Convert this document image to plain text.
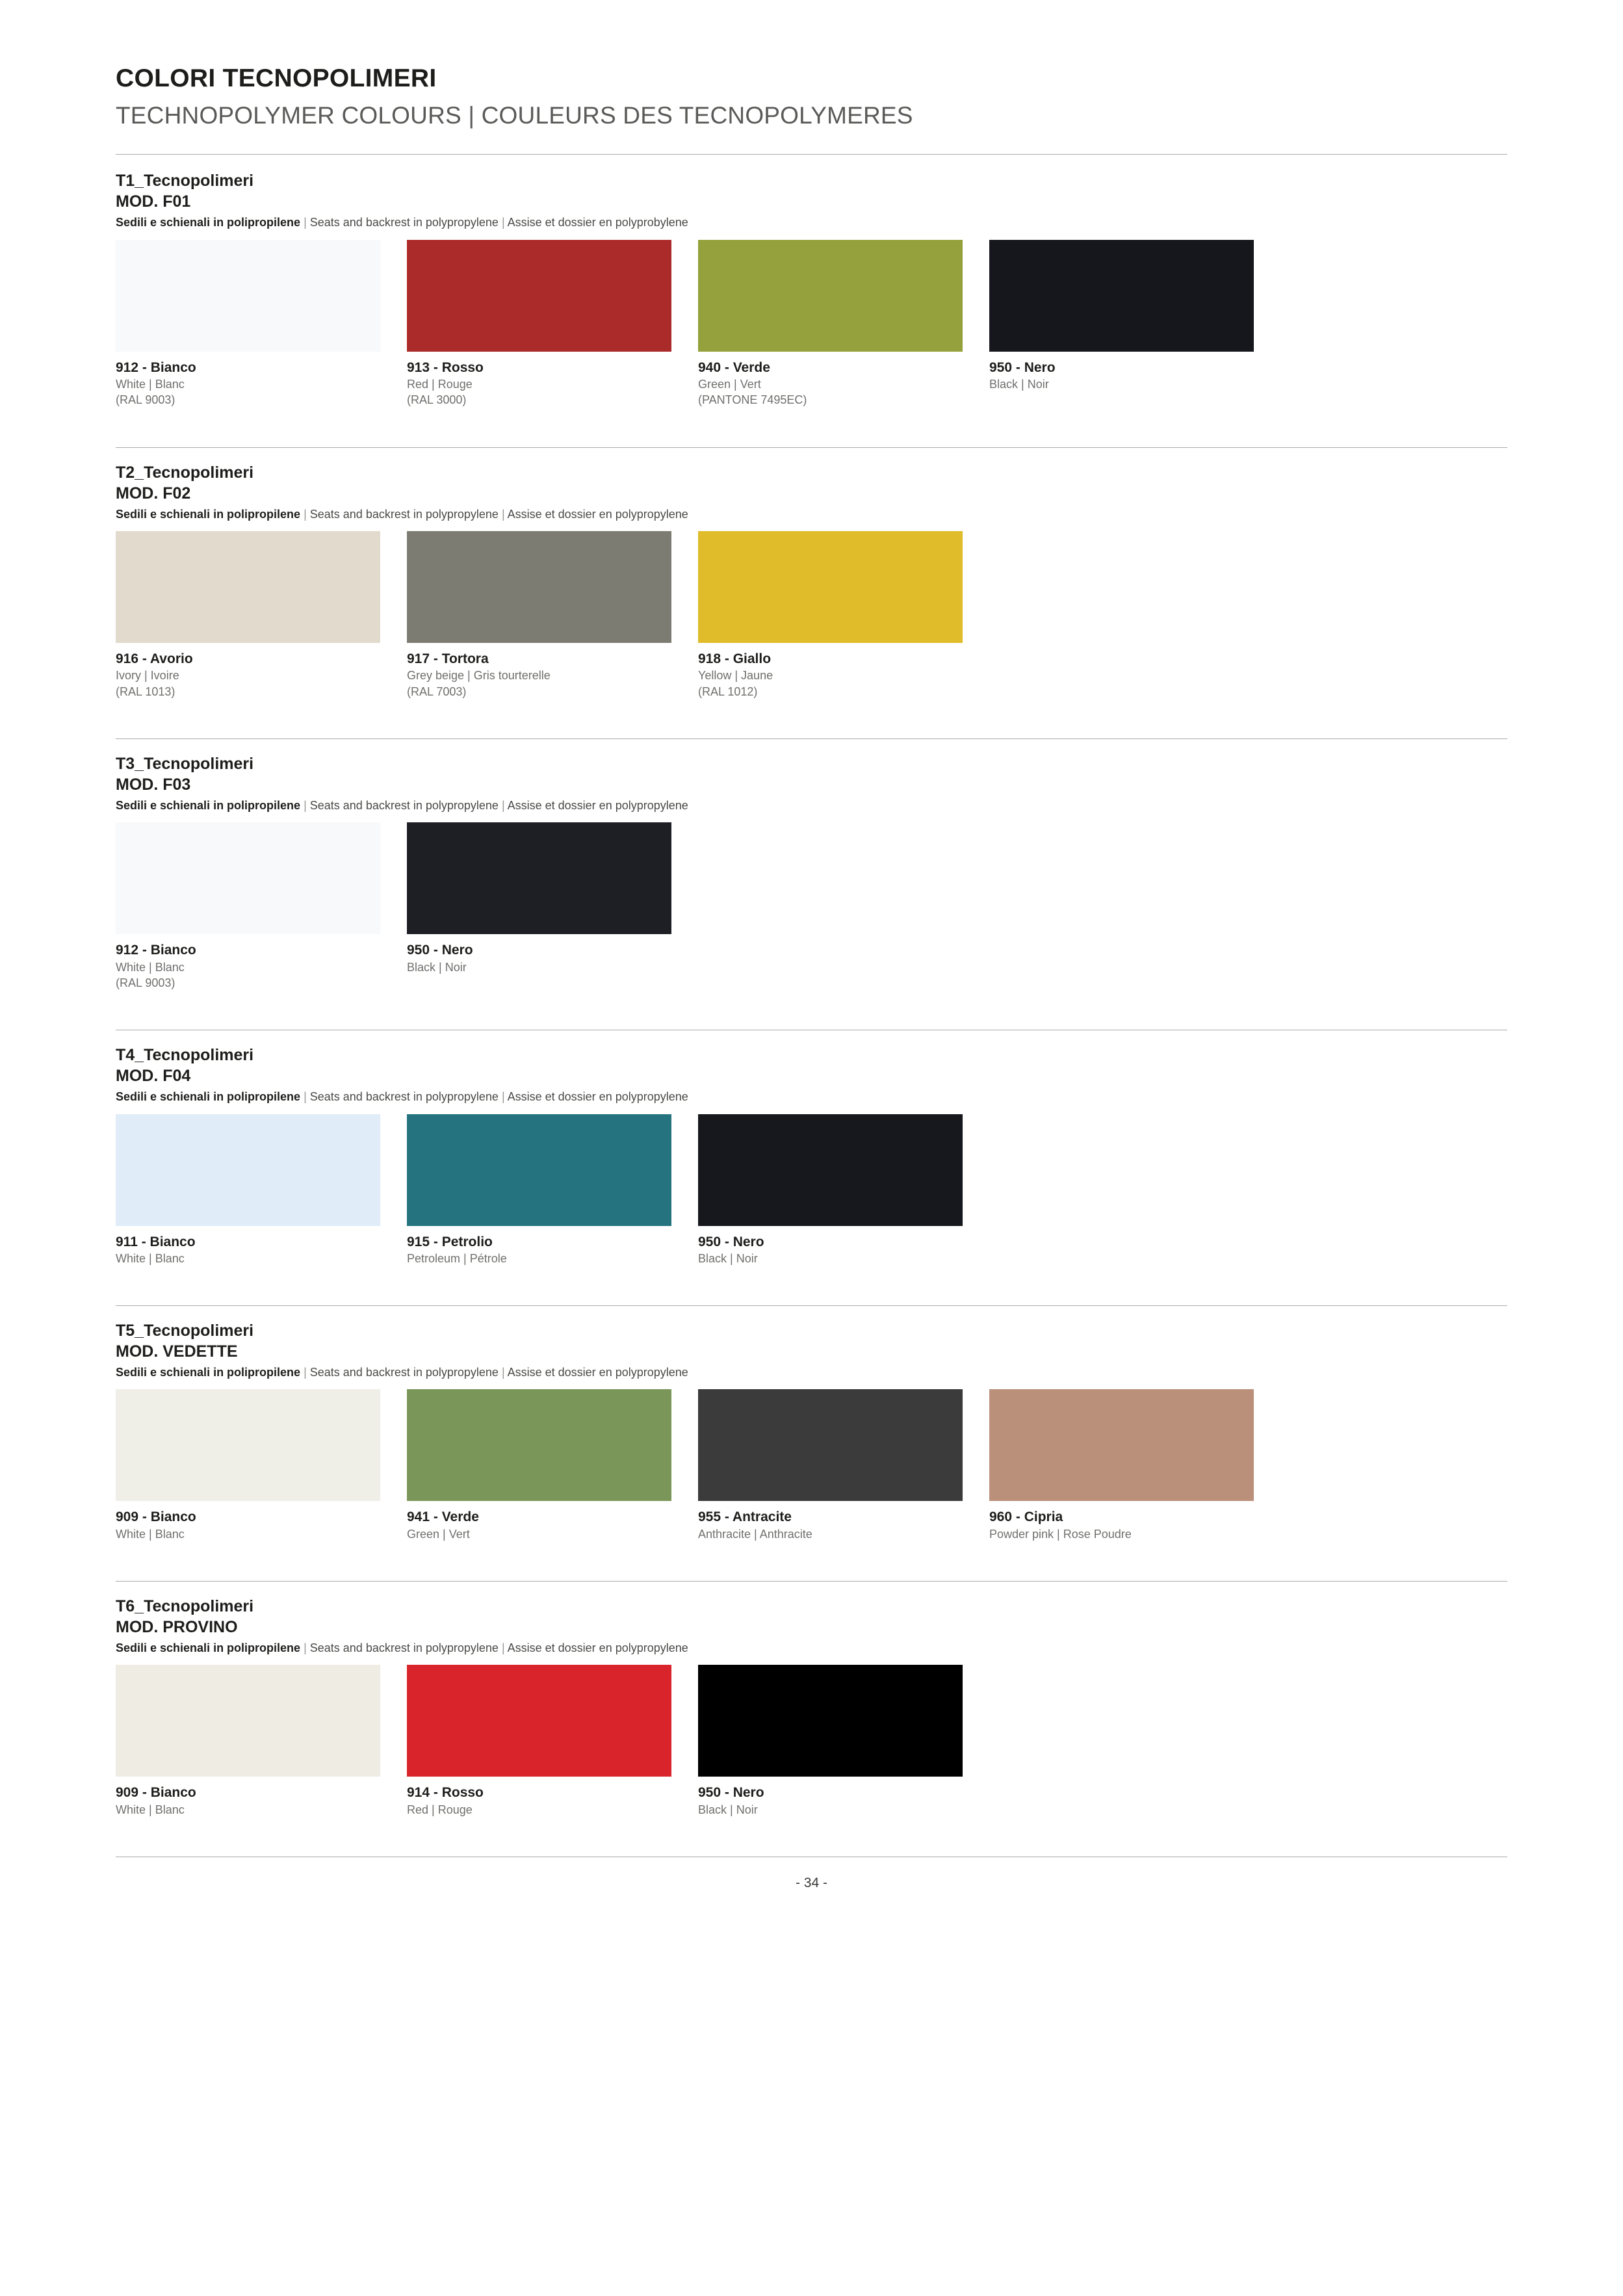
COLORI TECNOPOLIMERI
TECHNOPOLYMER COLOURS | COULEURS DES TECNOPOLYMERES
T1_Tecnopolimeri
MOD. F01
Sedili e schienali in polipropilene | Seats and backrest in polypropylene | Assise et dossier en polyprobylene
912 - Bianco
White | Blanc
(RAL 9003)
913 - Rosso
Red | Rouge
(RAL 3000)
940 - Verde
Green | Vert
(PANTONE 7495EC)
950 - Nero
Black | Noir
T2_Tecnopolimeri
MOD. F02
Sedili e schienali in polipropilene | Seats and backrest in polypropylene | Assise et dossier en polypropylene
916 - Avorio
Ivory | Ivoire
(RAL 1013)
917 - Tortora
Grey beige | Gris tourterelle
(RAL 7003)
918 - Giallo
Yellow | Jaune
(RAL 1012)
T3_Tecnopolimeri
MOD. F03
Sedili e schienali in polipropilene | Seats and backrest in polypropylene | Assise et dossier en polypropylene
912 - Bianco
White | Blanc
(RAL 9003)
950 - Nero
Black | Noir
T4_Tecnopolimeri
MOD. F04
Sedili e schienali in polipropilene | Seats and backrest in polypropylene | Assise et dossier en polypropylene
911 - Bianco
White | Blanc
915 - Petrolio
Petroleum | Pétrole
950 - Nero
Black | Noir
T5_Tecnopolimeri
MOD. VEDETTE
Sedili e schienali in polipropilene | Seats and backrest in polypropylene | Assise et dossier en polypropylene
909 - Bianco
White | Blanc
941 - Verde
Green | Vert
955 - Antracite
Anthracite | Anthracite
960 - Cipria
Powder pink | Rose Poudre
T6_Tecnopolimeri
MOD. PROVINO
Sedili e schienali in polipropilene | Seats and backrest in polypropylene | Assise et dossier en polypropylene
909 - Bianco
White | Blanc
914 - Rosso
Red | Rouge
950 - Nero
Black | Noir
- 34 -
